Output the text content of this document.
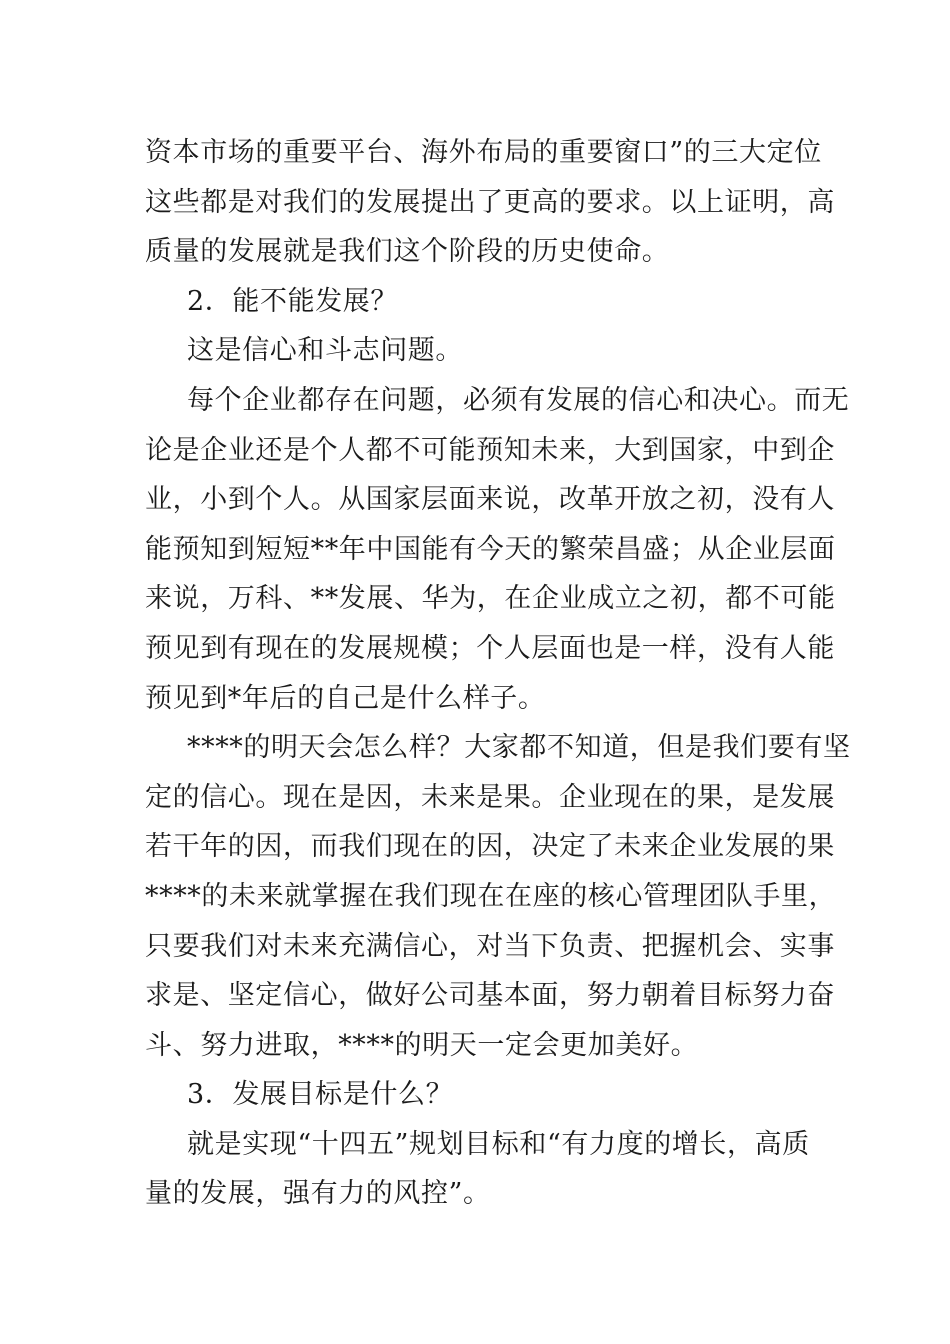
资本市场的重要平台、海外布局的重要窗口”的三大定位
这些都是对我们的发展提出了更高的要求。以上证明，高
质量的发展就是我们这个阶段的历史使命。

2．能不能发展？

这是信心和斗志问题。

每个企业都存在问题，必须有发展的信心和决心。而无
论是企业还是个人都不可能预知未来，大到国家，中到企
业，小到个人。从国家层面来说，改革开放之初，没有人
能预知到短短**年中国能有今天的繁荣昌盛；从企业层面
来说，万科、**发展、华为，在企业成立之初，都不可能
预见到有现在的发展规模；个人层面也是一样，没有人能
预见到*年后的自己是什么样子。

****的明天会怎么样？大家都不知道，但是我们要有坚
定的信心。现在是因，未来是果。企业现在的果，是发展
若干年的因，而我们现在的因，决定了未来企业发展的果
****的未来就掌握在我们现在在座的核心管理团队手里，
只要我们对未来充满信心，对当下负责、把握机会、实事
求是、坚定信心，做好公司基本面，努力朝着目标努力奋
斗、努力进取，****的明天一定会更加美好。

3．发展目标是什么？

就是实现“十四五”规划目标和“有力度的增长，高质
量的发展，强有力的风控”。
